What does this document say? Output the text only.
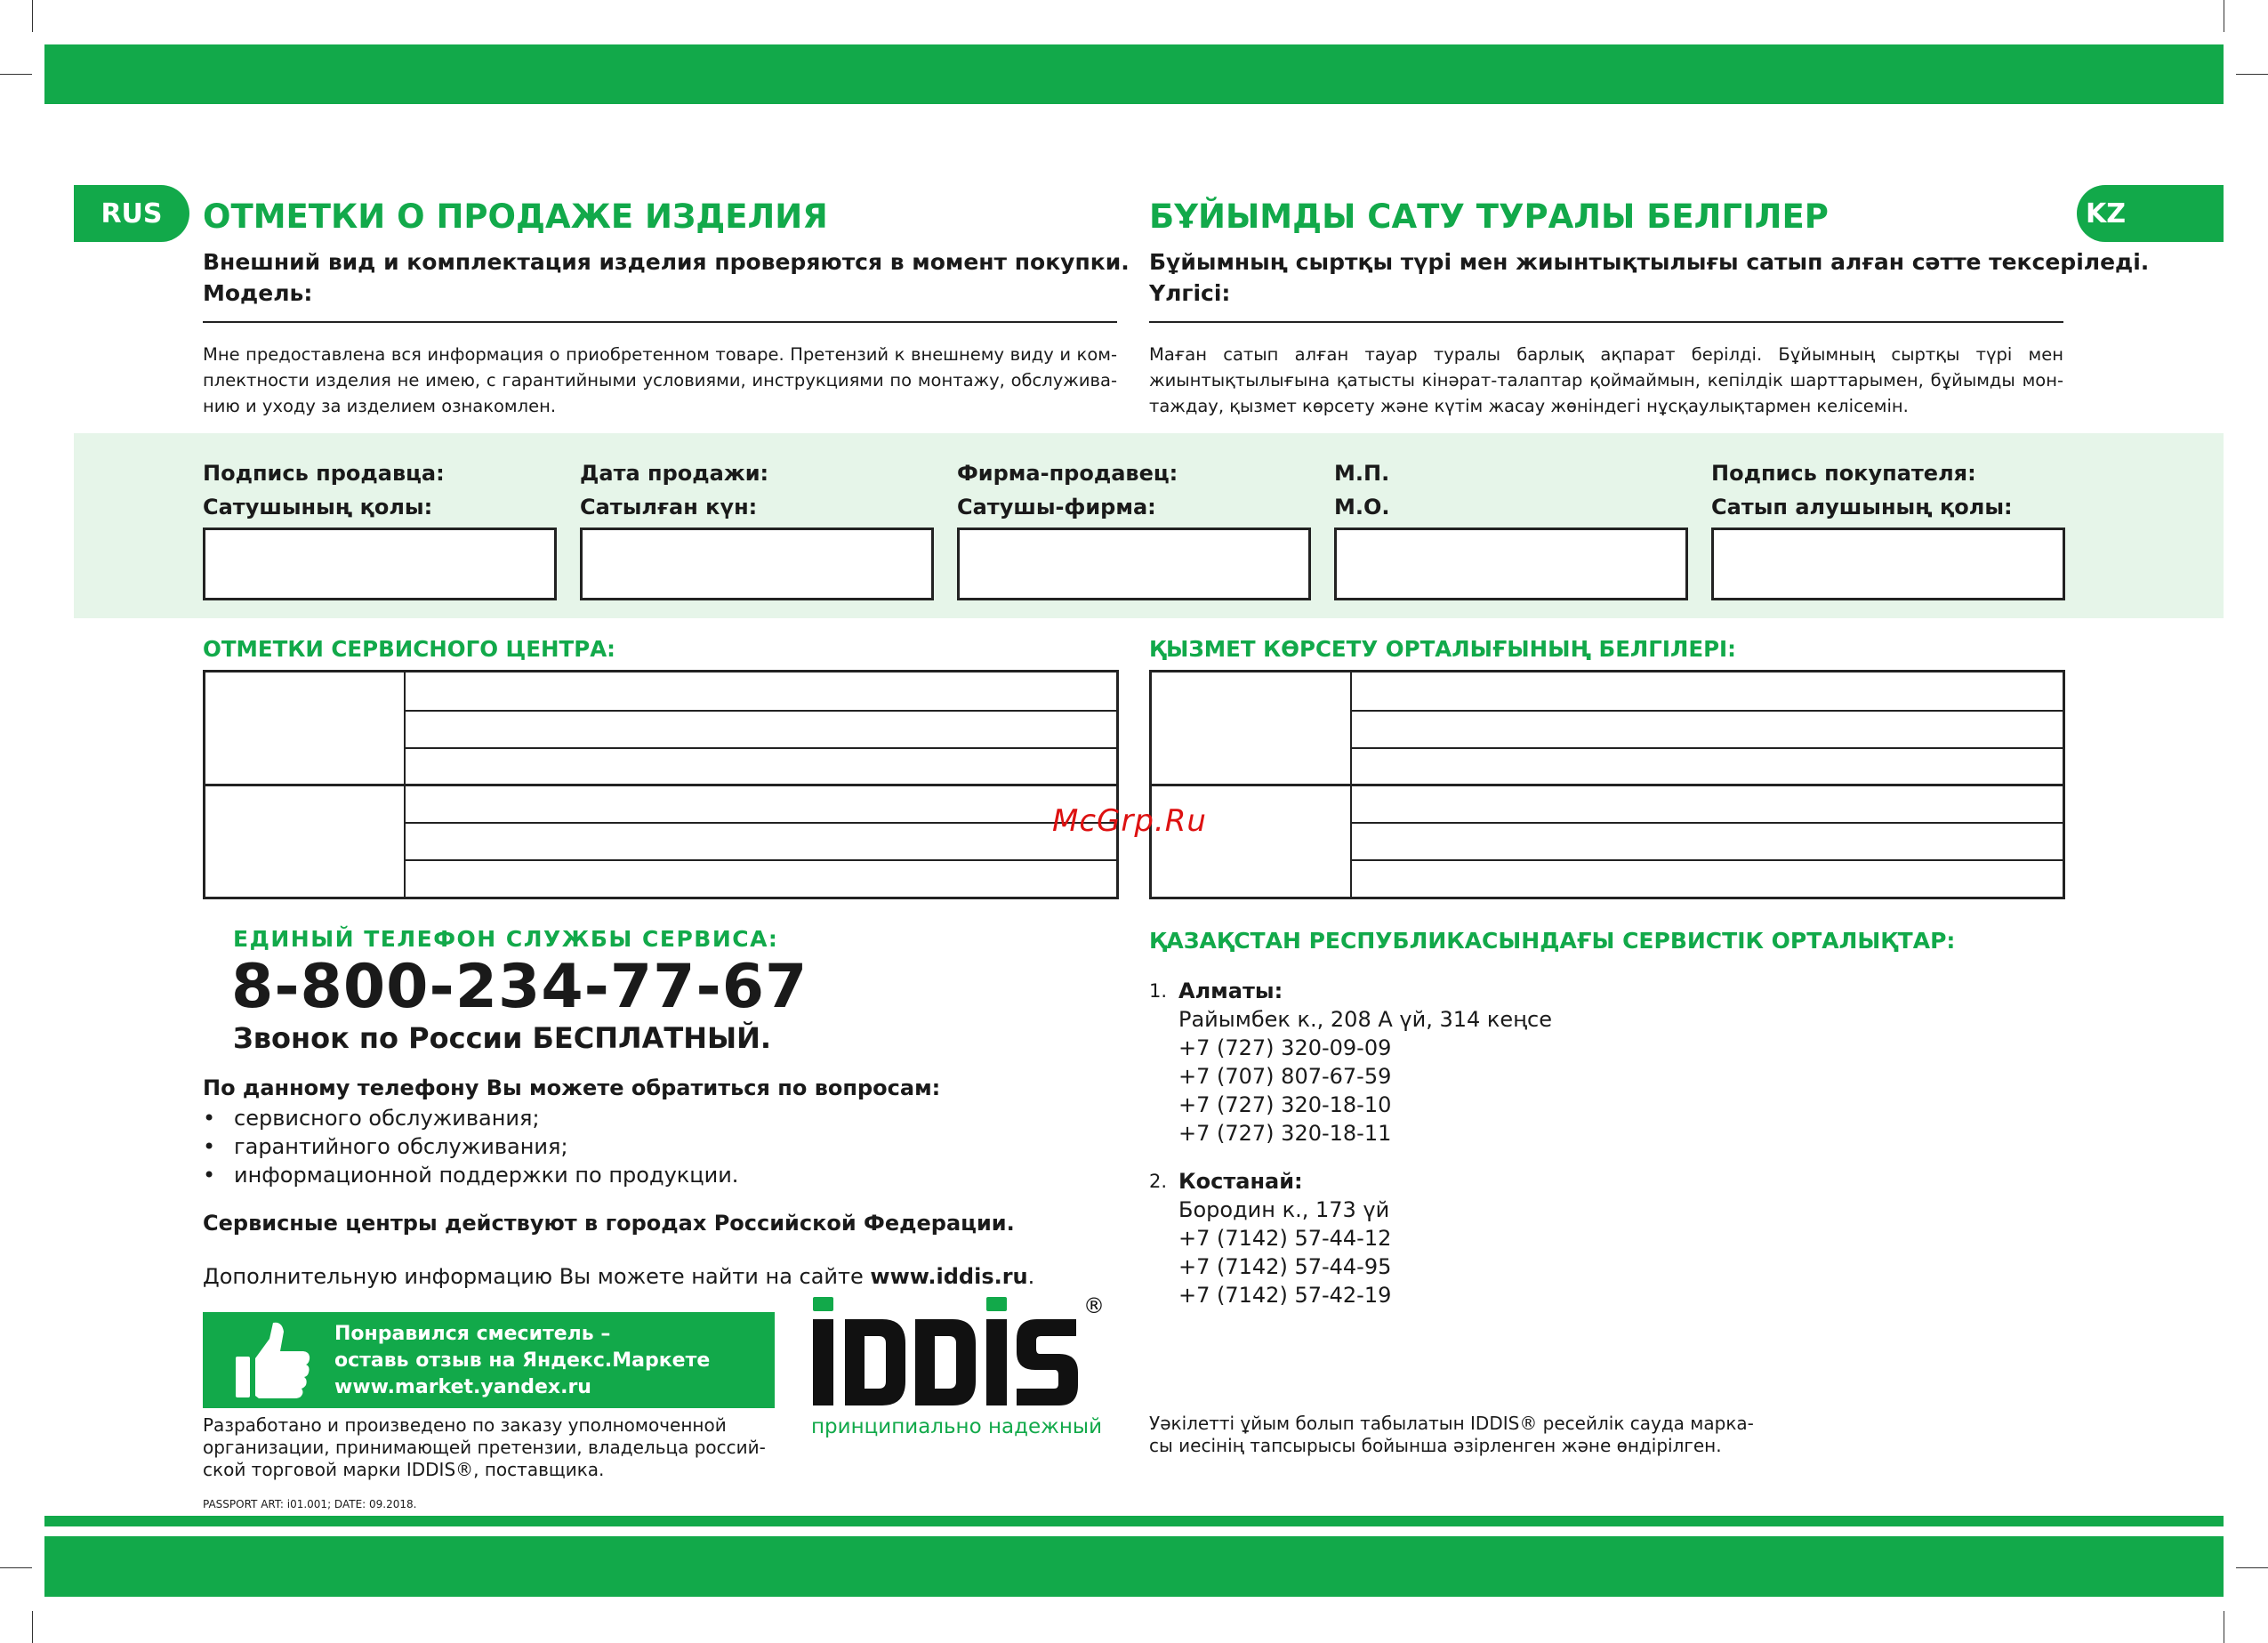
RUS	KZ
ОТМЕТКИ О ПРОДАЖЕ ИЗДЕЛИЯ	БҰЙЫМДЫ САТУ ТУРАЛЫ БЕЛГІЛЕР
Внешний вид и комплектация изделия проверяются в момент покупки.
Модель:
Бұйымның сыртқы түрі мен жиынтықтылығы сатып алған сәтте тексеріледі.
Үлгісі:
Мне предоставлена вся информация о приобретенном товаре. Претензий к внешнему виду и ком-
плектности изделия не имею, с гарантийными условиями, инструкциями по монтажу, обслужива-
нию и уходу за изделием ознакомлен.
Маған сатып алған тауар туралы барлық ақпарат берілді. Бұйымның сыртқы түрі мен
жиынтықтылығына қатысты кінәрат-талаптар қоймаймын, кепілдік шарттарымен, бұйымды мон-
таждау, қызмет көрсету және күтім жасау жөніндегі нұсқаулықтармен келісемін.
Подпись продавца:
Сатушының қолы:
Дата продажи:
Сатылған күн:
Фирма-продавец:
Сатушы-фирма:
М.П.
М.О.
Подпись покупателя:
Сатып алушының қолы:
ОТМЕТКИ СЕРВИСНОГО ЦЕНТРА:	ҚЫЗМЕТ КӨРСЕТУ ОРТАЛЫҒЫНЫҢ БЕЛГІЛЕРІ:
McGrp.Ru
ЕДИНЫЙ ТЕЛЕФОН СЛУЖБЫ СЕРВИСА:
8-800-234-77-67
Звонок по России БЕСПЛАТНЫЙ.
По данному телефону Вы можете обратиться по вопросам:
• сервисного обслуживания;
• гарантийного обслуживания;
• информационной поддержки по продукции.
Сервисные центры действуют в городах Российской Федерации.
Дополнительную информацию Вы можете найти на сайте www.iddis.ru.
Понравился смеситель –
оставь отзыв на Яндекс.Маркете
www.market.yandex.ru
®
принципиально надежный
Разработано и произведено по заказу уполномоченной
организации, принимающей претензии, владельца россий-
ской торговой марки IDDIS®, поставщика.
PASSPORT ART: i01.001; DATE: 09.2018.
ҚАЗАҚСТАН РЕСПУБЛИКАСЫНДАҒЫ СЕРВИСТІК ОРТАЛЫҚТАР:
1. Алматы:
Райымбек к., 208 А үй, 314 кеңсе
+7 (727) 320-09-09
+7 (707) 807-67-59
+7 (727) 320-18-10
+7 (727) 320-18-11
2. Костанай:
Бородин к., 173 үй
+7 (7142) 57-44-12
+7 (7142) 57-44-95
+7 (7142) 57-42-19
Уәкілетті ұйым болып табылатын IDDIS® ресейлік сауда марка-
сы иесінің тапсырысы бойынша әзірленген және өндірілген.
